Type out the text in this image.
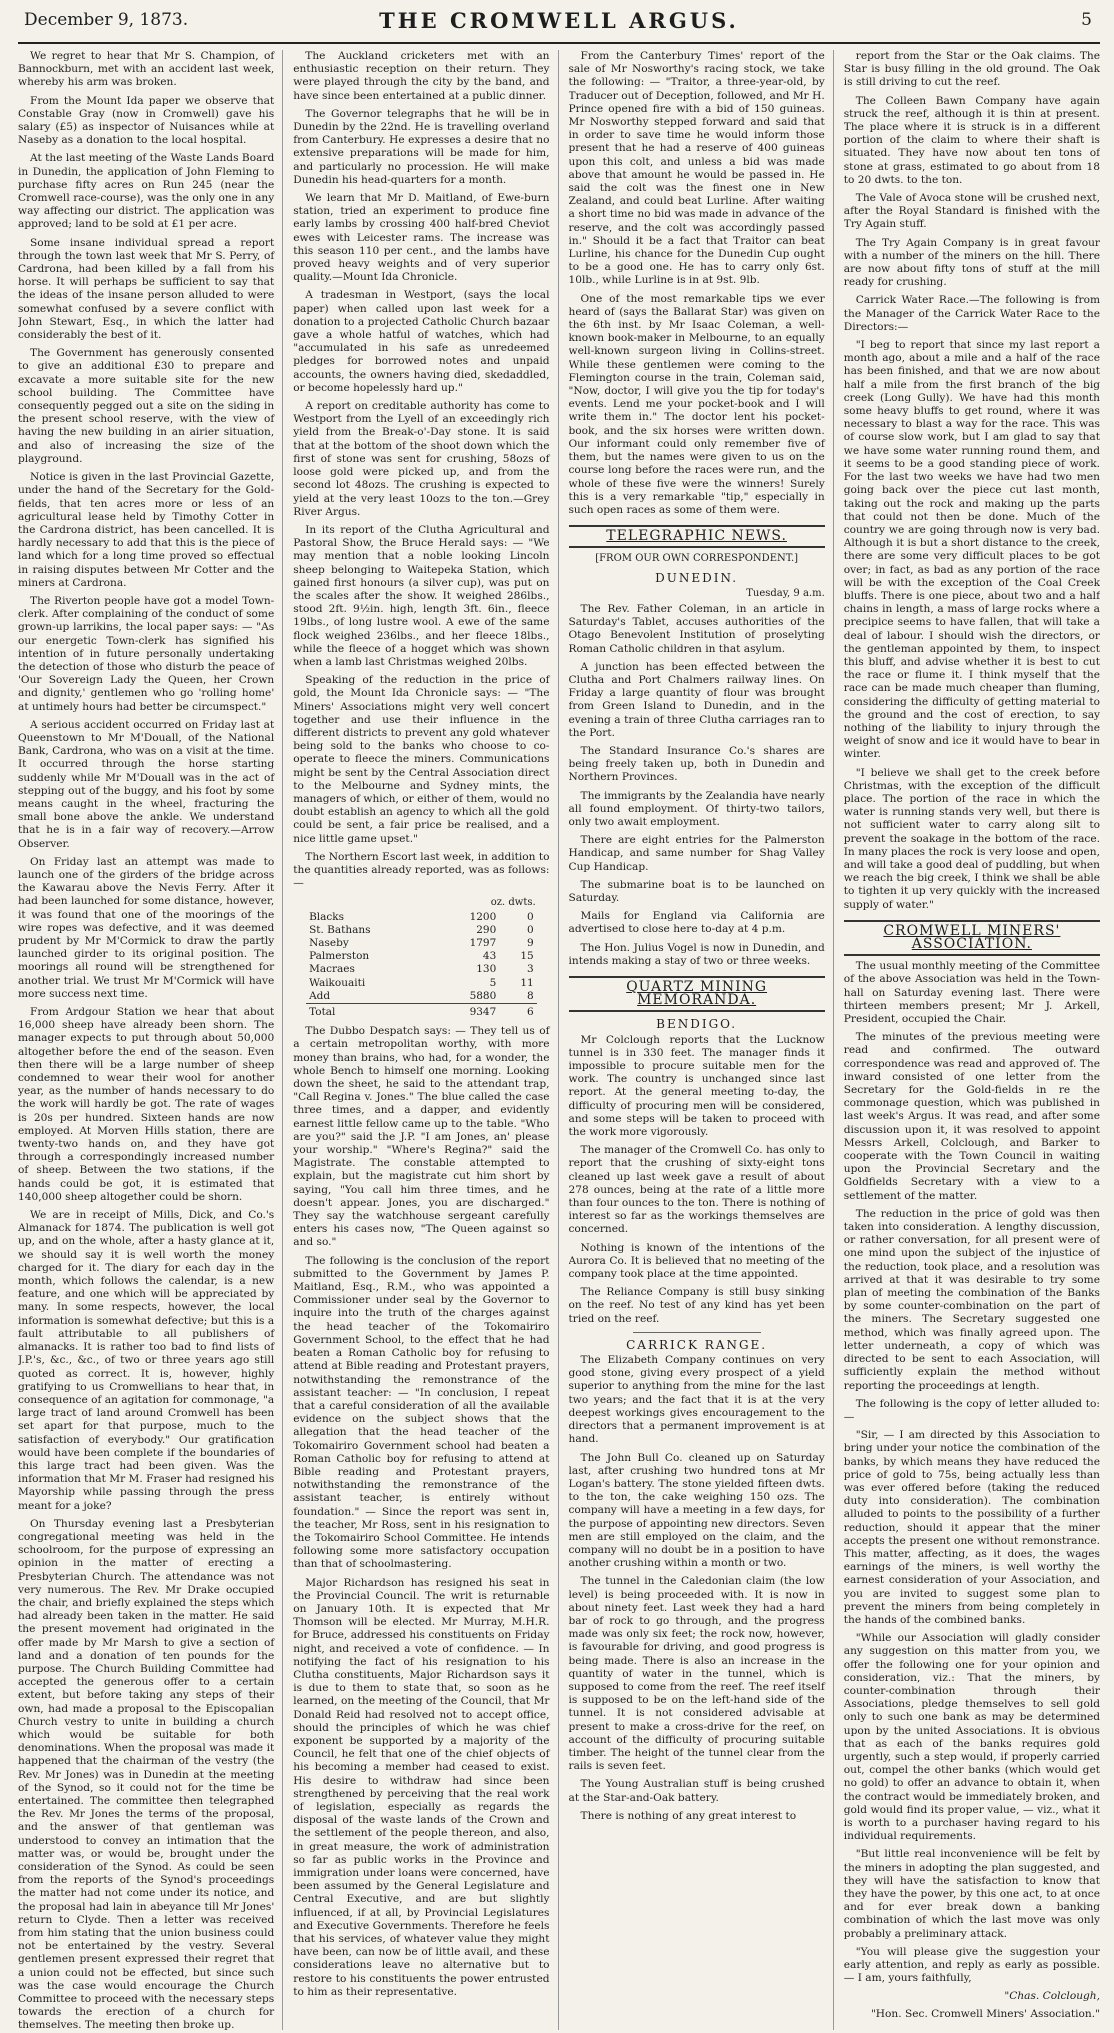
December 9, 1873.	THE CROMWELL ARGUS.	5

We regret to hear that Mr S. Champion, of Bannockburn, met with an accident last week, whereby his arm was broken.

From the Mount Ida paper we observe that Constable Gray (now in Cromwell) gave his salary (£5) as inspector of Nuisances while at Naseby as a donation to the local hospital.

At the last meeting of the Waste Lands Board in Dunedin, the application of John Fleming to purchase fifty acres on Run 245 (near the Cromwell race-course), was the only one in any way affecting our district. The application was approved; land to be sold at £1 per acre.

Some insane individual spread a report through the town last week that Mr S. Perry, of Cardrona, had been killed by a fall from his horse. It will perhaps be sufficient to say that the ideas of the insane person alluded to were somewhat confused by a severe conflict with John Stewart, Esq., in which the latter had considerably the best of it.

The Government has generously consented to give an additional £30 to prepare and excavate a more suitable site for the new school building. The Committee have consequently pegged out a site on the siding in the present school reserve, with the view of having the new building in an airier situation, and also of increasing the size of the playground.

Notice is given in the last Provincial Gazette, under the hand of the Secretary for the Gold-fields, that ten acres more or less of an agricultural lease held by Timothy Cotter in the Cardrona district, has been cancelled. It is hardly necessary to add that this is the piece of land which for a long time proved so effectual in raising disputes between Mr Cotter and the miners at Cardrona.

The Riverton people have got a model Town-clerk. After complaining of the conduct of some grown-up larrikins, the local paper says: — "As our energetic Town-clerk has signified his intention of in future personally undertaking the detection of those who disturb the peace of 'Our Sovereign Lady the Queen, her Crown and dignity,' gentlemen who go 'rolling home' at untimely hours had better be circumspect."

A serious accident occurred on Friday last at Queenstown to Mr M'Douall, of the National Bank, Cardrona, who was on a visit at the time. It occurred through the horse starting suddenly while Mr M'Douall was in the act of stepping out of the buggy, and his foot by some means caught in the wheel, fracturing the small bone above the ankle. We understand that he is in a fair way of recovery.—Arrow Observer.

On Friday last an attempt was made to launch one of the girders of the bridge across the Kawarau above the Nevis Ferry. After it had been launched for some distance, however, it was found that one of the moorings of the wire ropes was defective, and it was deemed prudent by Mr M'Cormick to draw the partly launched girder to its original position. The moorings all round will be strengthened for another trial. We trust Mr M'Cormick will have more success next time.

From Ardgour Station we hear that about 16,000 sheep have already been shorn. The manager expects to put through about 50,000 altogether before the end of the season. Even then there will be a large number of sheep condemned to wear their wool for another year, as the number of hands necessary to do the work will hardly be got. The rate of wages is 20s per hundred. Sixteen hands are now employed. At Morven Hills station, there are twenty-two hands on, and they have got through a correspondingly increased number of sheep. Between the two stations, if the hands could be got, it is estimated that 140,000 sheep altogether could be shorn.

We are in receipt of Mills, Dick, and Co.'s Almanack for 1874. The publication is well got up, and on the whole, after a hasty glance at it, we should say it is well worth the money charged for it. The diary for each day in the month, which follows the calendar, is a new feature, and one which will be appreciated by many. In some respects, however, the local information is somewhat defective; but this is a fault attributable to all publishers of almanacks. It is rather too bad to find lists of J.P.'s, &c., &c., of two or three years ago still quoted as correct. It is, however, highly gratifying to us Cromwellians to hear that, in consequence of an agitation for commonage, "a large tract of land around Cromwell has been set apart for that purpose, much to the satisfaction of everybody." Our gratification would have been complete if the boundaries of this large tract had been given. Was the information that Mr M. Fraser had resigned his Mayorship while passing through the press meant for a joke?

On Thursday evening last a Presbyterian congregational meeting was held in the schoolroom, for the purpose of expressing an opinion in the matter of erecting a Presbyterian Church. The attendance was not very numerous. The Rev. Mr Drake occupied the chair, and briefly explained the steps which had already been taken in the matter. He said the present movement had originated in the offer made by Mr Marsh to give a section of land and a donation of ten pounds for the purpose. The Church Building Committee had accepted the generous offer to a certain extent, but before taking any steps of their own, had made a proposal to the Episcopalian Church vestry to unite in building a church which would be suitable for both denominations. When the proposal was made it happened that the chairman of the vestry (the Rev. Mr Jones) was in Dunedin at the meeting of the Synod, so it could not for the time be entertained. The committee then telegraphed the Rev. Mr Jones the terms of the proposal, and the answer of that gentleman was understood to convey an intimation that the matter was, or would be, brought under the consideration of the Synod. As could be seen from the reports of the Synod's proceedings the matter had not come under its notice, and the proposal had lain in abeyance till Mr Jones' return to Clyde. Then a letter was received from him stating that the union business could not be entertained by the vestry. Several gentlemen present expressed their regret that a union could not be effected, but since such was the case would encourage the Church Committee to proceed with the necessary steps towards the erection of a church for themselves. The meeting then broke up.

The Auckland cricketers met with an enthusiastic reception on their return. They were played through the city by the band, and have since been entertained at a public dinner.

The Governor telegraphs that he will be in Dunedin by the 22nd. He is travelling overland from Canterbury. He expresses a desire that no extensive preparations will be made for him, and particularly no procession. He will make Dunedin his head-quarters for a month.

We learn that Mr D. Maitland, of Ewe-burn station, tried an experiment to produce fine early lambs by crossing 400 half-bred Cheviot ewes with Leicester rams. The increase was this season 110 per cent., and the lambs have proved heavy weights and of very superior quality.—Mount Ida Chronicle.

A tradesman in Westport, (says the local paper) when called upon last week for a donation to a projected Catholic Church bazaar gave a whole hatful of watches, which had "accumulated in his safe as unredeemed pledges for borrowed notes and unpaid accounts, the owners having died, skedaddled, or become hopelessly hard up."

A report on creditable authority has come to Westport from the Lyell of an exceedingly rich yield from the Break-o'-Day stone. It is said that at the bottom of the shoot down which the first of stone was sent for crushing, 58ozs of loose gold were picked up, and from the second lot 48ozs. The crushing is expected to yield at the very least 10ozs to the ton.—Grey River Argus.

In its report of the Clutha Agricultural and Pastoral Show, the Bruce Herald says: — "We may mention that a noble looking Lincoln sheep belonging to Waitepeka Station, which gained first honours (a silver cup), was put on the scales after the show. It weighed 286lbs., stood 2ft. 9½in. high, length 3ft. 6in., fleece 19lbs., of long lustre wool. A ewe of the same flock weighed 236lbs., and her fleece 18lbs., while the fleece of a hogget which was shown when a lamb last Christmas weighed 20lbs.

Speaking of the reduction in the price of gold, the Mount Ida Chronicle says: — "The Miners' Associations might very well concert together and use their influence in the different districts to prevent any gold whatever being sold to the banks who choose to co-operate to fleece the miners. Communications might be sent by the Central Association direct to the Melbourne and Sydney mints, the managers of which, or either of them, would no doubt establish an agency to which all the gold could be sent, a fair price be realised, and a nice little game upset."

The Northern Escort last week, in addition to the quantities already reported, was as follows:—

	oz. dwts.	
Blacks	1200	0
St. Bathans	290	0
Naseby	1797	9
Palmerston	43	15
Macraes	130	3
Waikouaiti	5	11
Add	5880	8
Total	9347	6

The Dubbo Despatch says: — They tell us of a certain metropolitan worthy, with more money than brains, who had, for a wonder, the whole Bench to himself one morning. Looking down the sheet, he said to the attendant trap, "Call Regina v. Jones." The blue called the case three times, and a dapper, and evidently earnest little fellow came up to the table. "Who are you?" said the J.P. "I am Jones, an' please your worship." "Where's Regina?" said the Magistrate. The constable attempted to explain, but the magistrate cut him short by saying, "You call him three times, and he doesn't appear. Jones, you are discharged." They say the watchhouse sergeant carefully enters his cases now, "The Queen against so and so."

The following is the conclusion of the report submitted to the Government by James P. Maitland, Esq., R.M., who was appointed a Commissioner under seal by the Governor to inquire into the truth of the charges against the head teacher of the Tokomairiro Government School, to the effect that he had beaten a Roman Catholic boy for refusing to attend at Bible reading and Protestant prayers, notwithstanding the remonstrance of the assistant teacher: — "In conclusion, I repeat that a careful consideration of all the available evidence on the subject shows that the allegation that the head teacher of the Tokomairiro Government school had beaten a Roman Catholic boy for refusing to attend at Bible reading and Protestant prayers, notwithstanding the remonstrance of the assistant teacher, is entirely without foundation." — Since the report was sent in, the teacher, Mr Ross, sent in his resignation to the Tokomairiro School Committee. He intends following some more satisfactory occupation than that of schoolmastering.

Major Richardson has resigned his seat in the Provincial Council. The writ is returnable on January 10th. It is expected that Mr Thomson will be elected. Mr Murray, M.H.R. for Bruce, addressed his constituents on Friday night, and received a vote of confidence. — In notifying the fact of his resignation to his Clutha constituents, Major Richardson says it is due to them to state that, so soon as he learned, on the meeting of the Council, that Mr Donald Reid had resolved not to accept office, should the principles of which he was chief exponent be supported by a majority of the Council, he felt that one of the chief objects of his becoming a member had ceased to exist. His desire to withdraw had since been strengthened by perceiving that the real work of legislation, especially as regards the disposal of the waste lands of the Crown and the settlement of the people thereon, and also, in great measure, the work of administration so far as public works in the Province and immigration under loans were concerned, have been assumed by the General Legislature and Central Executive, and are but slightly influenced, if at all, by Provincial Legislatures and Executive Governments. Therefore he feels that his services, of whatever value they might have been, can now be of little avail, and these considerations leave no alternative but to restore to his constituents the power entrusted to him as their representative.

From the Canterbury Times' report of the sale of Mr Nosworthy's racing stock, we take the following: — "Traitor, a three-year-old, by Traducer out of Deception, followed, and Mr H. Prince opened fire with a bid of 150 guineas. Mr Nosworthy stepped forward and said that in order to save time he would inform those present that he had a reserve of 400 guineas upon this colt, and unless a bid was made above that amount he would be passed in. He said the colt was the finest one in New Zealand, and could beat Lurline. After waiting a short time no bid was made in advance of the reserve, and the colt was accordingly passed in." Should it be a fact that Traitor can beat Lurline, his chance for the Dunedin Cup ought to be a good one. He has to carry only 6st. 10lb., while Lurline is in at 9st. 9lb.

One of the most remarkable tips we ever heard of (says the Ballarat Star) was given on the 6th inst. by Mr Isaac Coleman, a well-known book-maker in Melbourne, to an equally well-known surgeon living in Collins-street. While these gentlemen were coming to the Flemington course in the train, Coleman said, "Now, doctor, I will give you the tip for today's events. Lend me your pocket-book and I will write them in." The doctor lent his pocket-book, and the six horses were written down. Our informant could only remember five of them, but the names were given to us on the course long before the races were run, and the whole of these five were the winners! Surely this is a very remarkable "tip," especially in such open races as some of them were.

TELEGRAPHIC NEWS.
[FROM OUR OWN CORRESPONDENT.]
DUNEDIN.
Tuesday, 9 a.m.

The Rev. Father Coleman, in an article in Saturday's Tablet, accuses authorities of the Otago Benevolent Institution of proselyting Roman Catholic children in that asylum.

A junction has been effected between the Clutha and Port Chalmers railway lines. On Friday a large quantity of flour was brought from Green Island to Dunedin, and in the evening a train of three Clutha carriages ran to the Port.

The Standard Insurance Co.'s shares are being freely taken up, both in Dunedin and Northern Provinces.

The immigrants by the Zealandia have nearly all found employment. Of thirty-two tailors, only two await employment.

There are eight entries for the Palmerston Handicap, and same number for Shag Valley Cup Handicap.

The submarine boat is to be launched on Saturday.

Mails for England via California are advertised to close here to-day at 4 p.m.

The Hon. Julius Vogel is now in Dunedin, and intends making a stay of two or three weeks.

QUARTZ MINING MEMORANDA.
BENDIGO.

Mr Colclough reports that the Lucknow tunnel is in 330 feet. The manager finds it impossible to procure suitable men for the work. The country is unchanged since last report. At the general meeting to-day, the difficulty of procuring men will be considered, and some steps will be taken to proceed with the work more vigorously.

The manager of the Cromwell Co. has only to report that the crushing of sixty-eight tons cleaned up last week gave a result of about 278 ounces, being at the rate of a little more than four ounces to the ton. There is nothing of interest so far as the workings themselves are concerned.

Nothing is known of the intentions of the Aurora Co. It is believed that no meeting of the company took place at the time appointed.

The Reliance Company is still busy sinking on the reef. No test of any kind has yet been tried on the reef.

CARRICK RANGE.

The Elizabeth Company continues on very good stone, giving every prospect of a yield superior to anything from the mine for the last two years; and the fact that it is at the very deepest workings gives encouragement to the directors that a permanent improvement is at hand.

The John Bull Co. cleaned up on Saturday last, after crushing two hundred tons at Mr Logan's battery. The stone yielded fifteen dwts. to the ton, the cake weighing 150 ozs. The company will have a meeting in a few days, for the purpose of appointing new directors. Seven men are still employed on the claim, and the company will no doubt be in a position to have another crushing within a month or two.

The tunnel in the Caledonian claim (the low level) is being proceeded with. It is now in about ninety feet. Last week they had a hard bar of rock to go through, and the progress made was only six feet; the rock now, however, is favourable for driving, and good progress is being made. There is also an increase in the quantity of water in the tunnel, which is supposed to come from the reef. The reef itself is supposed to be on the left-hand side of the tunnel. It is not considered advisable at present to make a cross-drive for the reef, on account of the difficulty of procuring suitable timber. The height of the tunnel clear from the rails is seven feet.

The Young Australian stuff is being crushed at the Star-and-Oak battery.

There is nothing of any great interest to

report from the Star or the Oak claims. The Star is busy filling in the old ground. The Oak is still driving to cut the reef.

The Colleen Bawn Company have again struck the reef, although it is thin at present. The place where it is struck is in a different portion of the claim to where their shaft is situated. They have now about ten tons of stone at grass, estimated to go about from 18 to 20 dwts. to the ton.

The Vale of Avoca stone will be crushed next, after the Royal Standard is finished with the Try Again stuff.

The Try Again Company is in great favour with a number of the miners on the hill. There are now about fifty tons of stuff at the mill ready for crushing.

Carrick Water Race.—The following is from the Manager of the Carrick Water Race to the Directors:—

"I beg to report that since my last report a month ago, about a mile and a half of the race has been finished, and that we are now about half a mile from the first branch of the big creek (Long Gully). We have had this month some heavy bluffs to get round, where it was necessary to blast a way for the race. This was of course slow work, but I am glad to say that we have some water running round them, and it seems to be a good standing piece of work. For the last two weeks we have had two men going back over the piece cut last month, taking out the rock and making up the parts that could not then be done. Much of the country we are going through now is very bad. Although it is but a short distance to the creek, there are some very difficult places to be got over; in fact, as bad as any portion of the race will be with the exception of the Coal Creek bluffs. There is one piece, about two and a half chains in length, a mass of large rocks where a precipice seems to have fallen, that will take a deal of labour. I should wish the directors, or the gentleman appointed by them, to inspect this bluff, and advise whether it is best to cut the race or flume it. I think myself that the race can be made much cheaper than fluming, considering the difficulty of getting material to the ground and the cost of erection, to say nothing of the liability to injury through the weight of snow and ice it would have to bear in winter.

"I believe we shall get to the creek before Christmas, with the exception of the difficult place. The portion of the race in which the water is running stands very well, but there is not sufficient water to carry along silt to prevent the soakage in the bottom of the race. In many places the rock is very loose and open, and will take a good deal of puddling, but when we reach the big creek, I think we shall be able to tighten it up very quickly with the increased supply of water."

CROMWELL MINERS' ASSOCIATION.

The usual monthly meeting of the Committee of the above Association was held in the Town-hall on Saturday evening last. There were thirteen members present; Mr J. Arkell, President, occupied the Chair.

The minutes of the previous meeting were read and confirmed. The outward correspondence was read and approved of. The inward consisted of one letter from the Secretary for the Gold-fields in re the commonage question, which was published in last week's Argus. It was read, and after some discussion upon it, it was resolved to appoint Messrs Arkell, Colclough, and Barker to cooperate with the Town Council in waiting upon the Provincial Secretary and the Goldfields Secretary with a view to a settlement of the matter.

The reduction in the price of gold was then taken into consideration. A lengthy discussion, or rather conversation, for all present were of one mind upon the subject of the injustice of the reduction, took place, and a resolution was arrived at that it was desirable to try some plan of meeting the combination of the Banks by some counter-combination on the part of the miners. The Secretary suggested one method, which was finally agreed upon. The letter underneath, a copy of which was directed to be sent to each Association, will sufficiently explain the method without reporting the proceedings at length.

The following is the copy of letter alluded to: —

"Sir, — I am directed by this Association to bring under your notice the combination of the banks, by which means they have reduced the price of gold to 75s, being actually less than was ever offered before (taking the reduced duty into consideration). The combination alluded to points to the possibility of a further reduction, should it appear that the miner accepts the present one without remonstrance. This matter, affecting, as it does, the wages earnings of the miners, is well worthy the earnest consideration of your Association, and you are invited to suggest some plan to prevent the miners from being completely in the hands of the combined banks.

"While our Association will gladly consider any suggestion on this matter from you, we offer the following one for your opinion and consideration, viz.: That the miners, by counter-combination through their Associations, pledge themselves to sell gold only to such one bank as may be determined upon by the united Associations. It is obvious that as each of the banks requires gold urgently, such a step would, if properly carried out, compel the other banks (which would get no gold) to offer an advance to obtain it, when the contract would be immediately broken, and gold would find its proper value, — viz., what it is worth to a purchaser having regard to his individual requirements.

"But little real inconvenience will be felt by the miners in adopting the plan suggested, and they will have the satisfaction to know that they have the power, by this one act, to at once and for ever break down a banking combination of which the last move was only probably a preliminary attack.

"You will please give the suggestion your early attention, and reply as early as possible. — I am, yours faithfully,

"Chas. Colclough,
"Hon. Sec. Cromwell Miners' Association."
